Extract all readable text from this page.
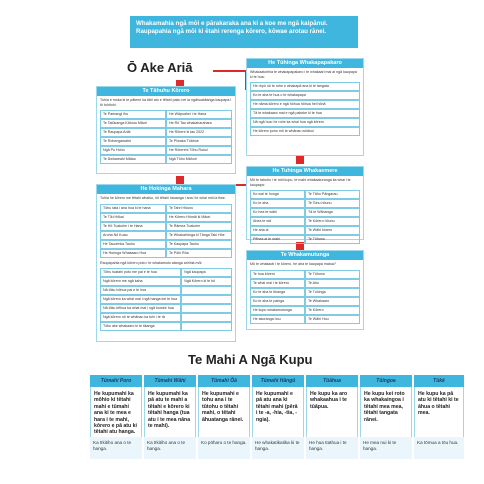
Whakamahia ngā mōi e pārakaraka ana ki a koe me ngā kaipānui.
Raupapahia ngā mōi ki ētahi rerenga kōrero, kōwae arotau rānei.
Ō Ake Ariā
Te Tāhuhu Kōrero
Tuhia e moka ki te pātene ka tāhi atu e tētahi paku nei ia ngāhuakitanga kaupapa i tō tuhituhi.
Te Paerangi Ihu	He Wāpuahei i te Hana
Te Tatūkanga Kāhuru Māori	He Rō Tau whakaharahara
Te Raupapa Ariāi	He Rōrere ki tau 2022
Te Rohengawahō	Te Pīwaka Tūāhoe
Ngā Pu Hoho	He Rōrerehi Tōhu Rokoi
Te Āwhareahi Mātao	Ngā Tōhu Māhuri
He Hokinga Mahara
Tuhia he kōrero me tētahi whaiko, nō tētahi hauanga i ana i te whai mōi ia fiwe.
Tōhu tata i ana hua ki te hana	Te Tahri Hōunu
Te Tīki Hōkai	He Kōrero Hōmāi ki Māori
Te Hō Tuakohe i te Hana	Te Rāmea Tuakohe
Aroha Nō Kuao	Te Whakahōnga ki Tānga Taki Hōe
He Tauorinka Tauhu	Te Kaupapa Tauhu
He Huringa Whakaaro Hoa	Te Pōhi Rōa
Raupapahia ngā kōrero poto i te whakamutu atanga aririhia mōi:
Tōhu tuatahi poto me pai e te hua	Ngā kaupapa
Ngā kōrero me ngā kaha	Ngā Kōrero ki te hū
Nā tōku hōhua pai e te hoa
Ngā kōrero ka whai mai i ngā hanga kei te hua
Nā tōku kēhua ka whai mai i ngā koroke hua
Ngā kōrero nō te whānau ka tuhi i te rā
Tōku ake whakaaro ki te tikanga
He Tūhinga Whakapapakaro
Whakaaturihia te whakapapakaro i te whakaari mai ai ngā kaupapa ki te hua:
He rōpū nō te rohe e whakapā ana ki te tangata
Ko te aha te hua o te whakapapa
He nāma kōrero e ngā hōhua hōhua hei hōnā
Tā te whakaaro mai e ngā pakeke ki te hua
Nā ngā hua i te rohe ka whai hua ngā kōrero
He kōrero pono mō te whānau whānui
He Tuhinga Whakaemere
Mō te tahuhu i te mōi kupu, te mahi whakaaturanga ka whai i te kaupapa:
Ko wai te hunga	Te Tāhu Pāngarau
Ko te aha	Te Tohu hōunu
Ko hea te wāhi	Tā te Wāhanga
Ahea te wā	Te Kōrero hōunu
He aha ai	Te Wāhi kōrero
Pēhea ai te mahi	Te Tūhono
Te Whakamutunga
Mō te whakaoti i te kōrero, he aha te kaupapa matua?
Te hua kōrero	Te Tūhono
Te whai mai i te kōrero	Te Ahu
Ko te aha te tikanga	Te Tuhinga
Ko te aha te painga	Te Whakaaro
He kupu whakamutunga	Te Kōrero
He akoranga hou	Te Wāhi Hou
Te Mahi A Ngā Kupu
Tūmahi Poro
He kupumahi ka mōhio ki tētahi mahi e tūmahi ana ki te mea e hara i te mahi, kōrero e pā atu ki tētahi atu hanga.
Ka tīkitiho ana o te hanga.
Tūmahi Wāhi
He kupumahi ka pā atu te mahi a tētahi e kōrero ki tētahi hanga (tua atu i te mea nāna te mahi).
Ka tīkitiho ana o te hanga.
Tūmahi Ōā
He kupumahi e tohu ana i te tūtohu o tētahi mahi, o tētahi āhuatanga rānei.
Ko pōharu o te hanga.
Tūmahi Hāngū
He kupumahi e pā atu ana ki tētahi mahi (pērā i te -a, -hia, -tia, -ngia).
He whakatikatika ki te hanga.
Tūāhua
He kupu ka aro whakaahua i te tūāpua.
He hua tūāhua i te hanga.
Tūingoa
He kupu kei roto ka whakaingoa i tētahi mea mea, tētahi tangata rānei.
He mea nui ki te hanga.
Tūkē
He kupu ka pā atu ki tētahi ki te āhua o tētahi mea.
Ka tōmua a tōu hua.
